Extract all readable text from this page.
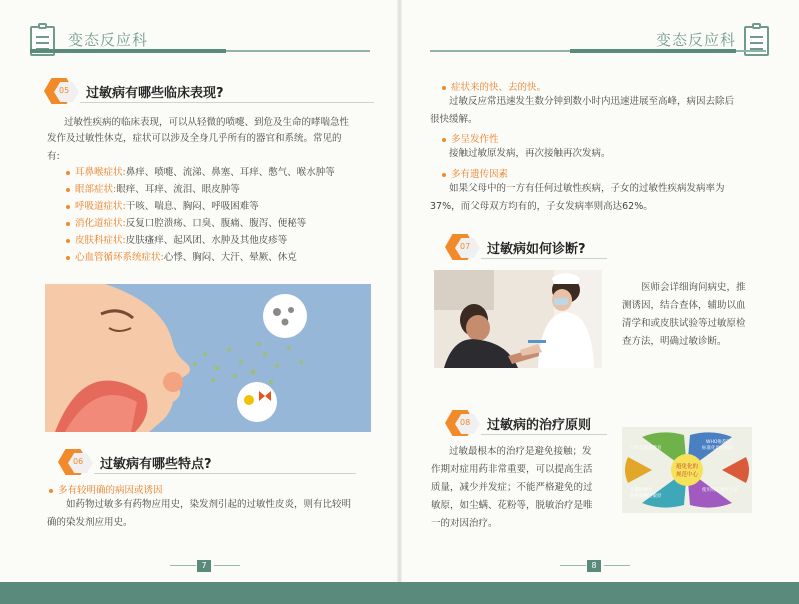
变态反应科	变态反应科
05 过敏病有哪些临床表现?
过敏性疾病的临床表现，可以从轻微的喷嚏、到危及生命的哮喘急性
发作及过敏性休克，症状可以涉及全身几乎所有的器官和系统。常见的
有:
耳鼻喉症状:鼻痒、喷嚏、流涕、鼻塞、耳痒、憋气、喉水肿等
眼部症状:眼痒、耳痒、流泪、眼皮肿等
呼吸道症状:干咳、喘息、胸闷、呼吸困难等
消化道症状:反复口腔溃疡、口臭、腹痛、腹泻、便秘等
皮肤科症状:皮肤瘙痒、起风团、水肿及其他皮疹等
心血管循环系统症状:心悸、胸闷、大汗、晕厥、休克
06 过敏病有哪些特点?
多有较明确的病因或诱因
如药物过敏多有药物应用史，染发剂引起的过敏性皮炎，则有比较明
确的染发剂应用史。
7
症状来的快、去的快。
过敏反应常迅速发生数分钟到数小时内迅速进展至高峰，病因去除后
很快缓解。
多呈发作性
接触过敏原发病，再次接触再次发病。
多有遗传因素
如果父母中的一方有任何过敏性疾病，子女的过敏性疾病发病率为
37%，而父母双方均有的，子女发病率则高达62%。
07 过敏病如何诊断?
医师会详细询问病史，推
测诱因，结合查体，辅助以血
清学和或皮肤试验等过敏原检
查方法，明确过敏诊断。
08 过敏病的治疗原则
过敏最根本的治疗是避免接触；发
作期对症用药非常重要，可以提高生活
质量，减少并发症；不能严格避免的过
敏原，如尘螨、花粉等，脱敏治疗是唯
一的对因治疗。
避免化的
规范中心
合作与患者教育
WHO推荐的
标准化治疗指南
正确诊断及
避免接触过敏原
使用特定治疗方法
8
